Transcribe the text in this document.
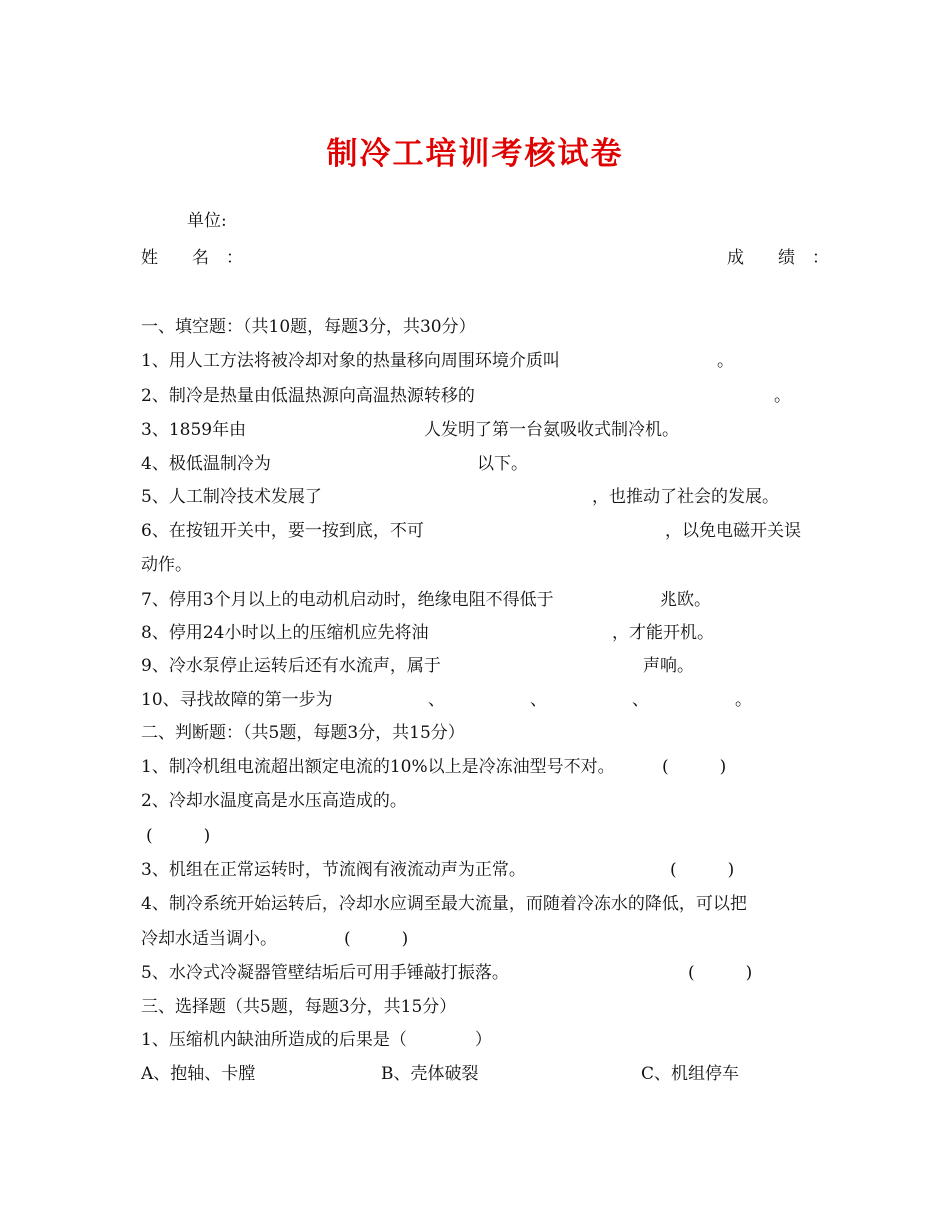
制冷工培训考核试卷
单位:
姓　　名　：	成　　绩　：
一、填空题：（共10题，每题3分，共30分）
1、用人工方法将被冷却对象的热量移向周围环境介质叫	。
2、制冷是热量由低温热源向高温热源转移的	。
3、1859年由	人发明了第一台氨吸收式制冷机。
4、极低温制冷为	以下。
5、人工制冷技术发展了	，也推动了社会的发展。
6、在按钮开关中，要一按到底，不可	，以免电磁开关误
动作。
7、停用3个月以上的电动机启动时，绝缘电阻不得低于	兆欧。
8、停用24小时以上的压缩机应先将油	，才能开机。
9、冷水泵停止运转后还有水流声，属于	声响。
10、寻找故障的第一步为	、	、	、	。
二、判断题：（共5题，每题3分，共15分）
1、制冷机组电流超出额定电流的10%以上是冷冻油型号不对。	(　　　)
2、冷却水温度高是水压高造成的。
(　　　)
3、机组在正常运转时，节流阀有液流动声为正常。	(　　　)
4、制冷系统开始运转后，冷却水应调至最大流量，而随着冷冻水的降低，可以把
冷却水适当调小。	(　　　)
5、水冷式冷凝器管壁结垢后可用手锤敲打振落。	(　　　)
三、选择题（共5题，每题3分，共15分）
1、压缩机内缺油所造成的后果是（　　　　）
A、抱轴、卡膛	B、壳体破裂	C、机组停车
